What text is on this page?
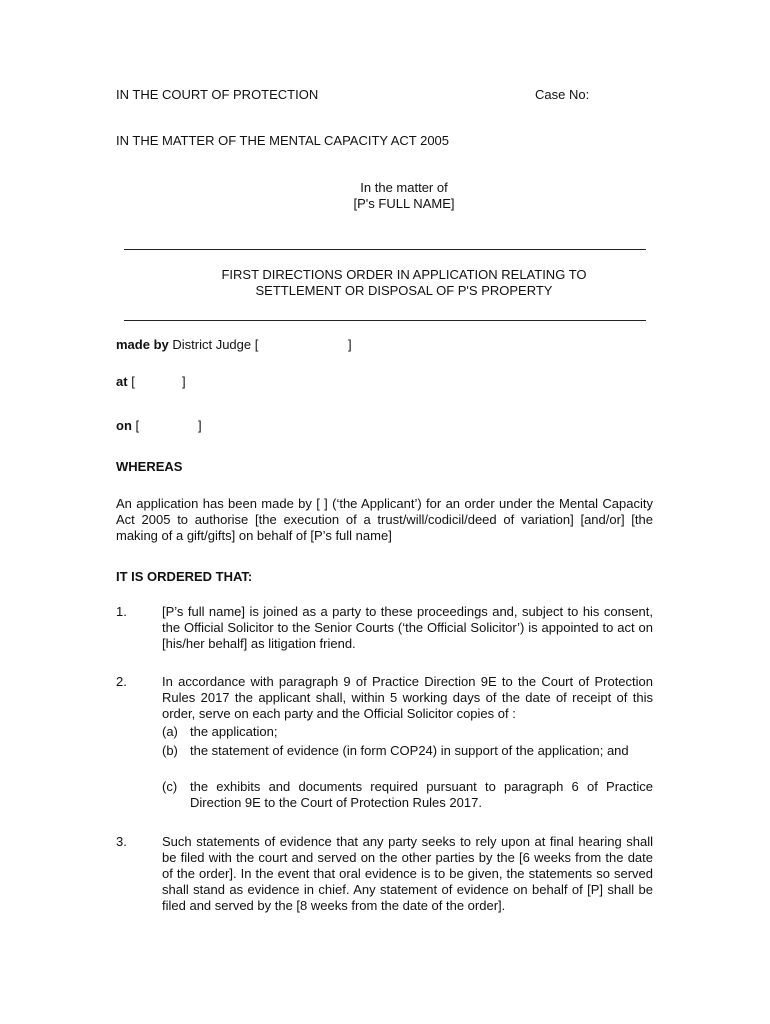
IN THE COURT OF PROTECTION	Case No:
IN THE MATTER OF THE MENTAL CAPACITY ACT 2005
In the matter of
[P's FULL NAME]
FIRST DIRECTIONS ORDER IN APPLICATION RELATING TO
SETTLEMENT OR DISPOSAL OF P'S PROPERTY
made by District Judge [	]
at [	]
on [	]
WHEREAS
An application has been made by [ ] (‘the Applicant’) for an order under the Mental Capacity Act 2005 to authorise [the execution of a trust/will/codicil/deed of variation] [and/or] [the making of a gift/gifts] on behalf of [P’s full name]
IT IS ORDERED THAT:
1.	[P’s full name] is joined as a party to these proceedings and, subject to his consent, the Official Solicitor to the Senior Courts (‘the Official Solicitor’) is appointed to act on [his/her behalf] as litigation friend.
2.	In accordance with paragraph 9 of Practice Direction 9E to the Court of Protection Rules 2017 the applicant shall, within 5 working days of the date of receipt of this order, serve on each party and the Official Solicitor copies of :
(a) the application;
(b) the statement of evidence (in form COP24) in support of the application; and
(c) the exhibits and documents required pursuant to paragraph 6 of Practice Direction 9E to the Court of Protection Rules 2017.
3.	Such statements of evidence that any party seeks to rely upon at final hearing shall be filed with the court and served on the other parties by the [6 weeks from the date of the order]. In the event that oral evidence is to be given, the statements so served shall stand as evidence in chief. Any statement of evidence on behalf of [P] shall be filed and served by the [8 weeks from the date of the order].
